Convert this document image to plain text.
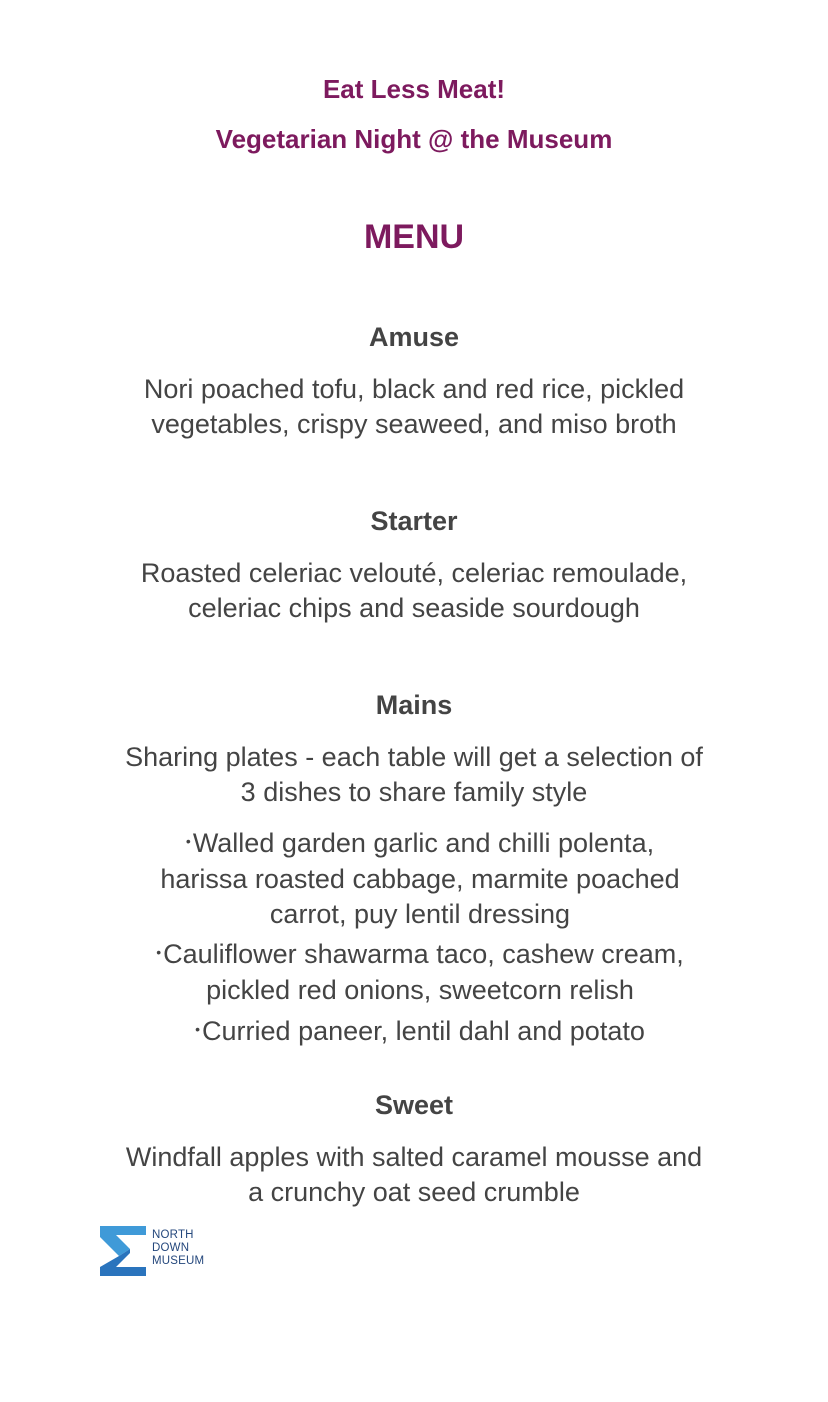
Eat Less Meat!
Vegetarian Night @ the Museum
MENU
Amuse
Nori poached tofu, black and red rice, pickled
vegetables, crispy seaweed, and miso broth
Starter
Roasted celeriac velouté, celeriac remoulade,
celeriac chips and seaside sourdough
Mains
Sharing plates - each table will get a selection of
3 dishes to share family style
•Walled garden garlic and chilli polenta,
harissa roasted cabbage, marmite poached
carrot, puy lentil dressing
•Cauliflower shawarma taco, cashew cream,
pickled red onions, sweetcorn relish
•Curried paneer, lentil dahl and potato
Sweet
Windfall apples with salted caramel mousse and
a crunchy oat seed crumble
NORTH
DOWN
MUSEUM
